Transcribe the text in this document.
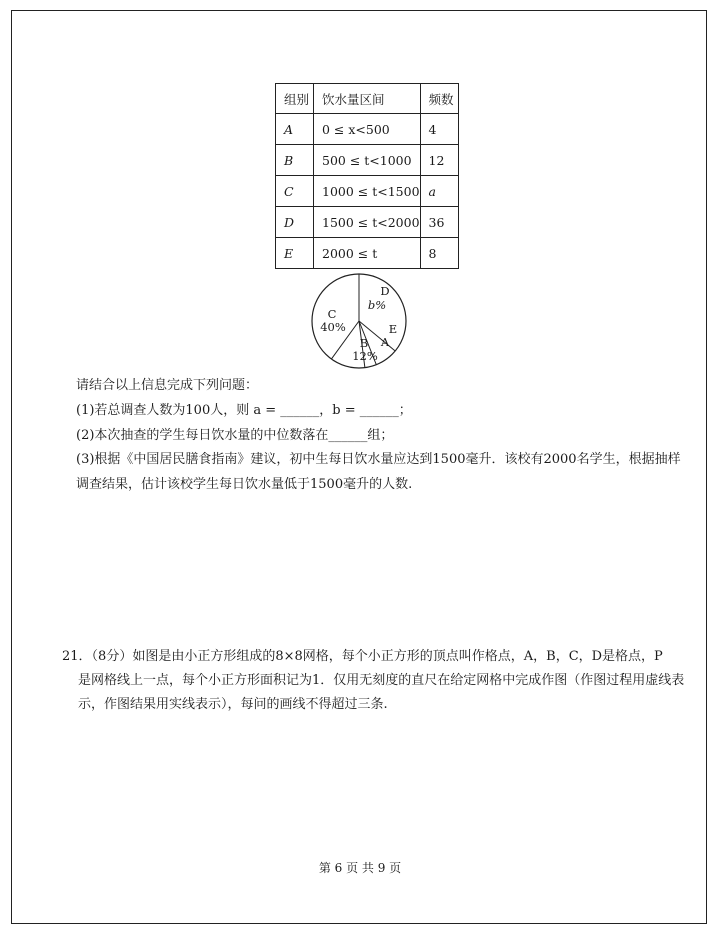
组别	饮水量区间	频数
A	0 ≤ x<500	4
B	500 ≤ t<1000	12
C	1000 ≤ t<1500	a
D	1500 ≤ t<2000	36
E	2000 ≤ t	8
D
b%
C
40%	E
A
B
12%
请结合以上信息完成下列问题：
(1)若总调查人数为100人，则 a = ______，b = ______；
(2)本次抽查的学生每日饮水量的中位数落在______组；
(3)根据《中国居民膳食指南》建议，初中生每日饮水量应达到1500毫升．该校有2000名学生，根据抽样
调查结果，估计该校学生每日饮水量低于1500毫升的人数.
21．（8分）如图是由小正方形组成的8×8网格，每个小正方形的顶点叫作格点，A，B，C，D是格点，P
是网格线上一点，每个小正方形面积记为1．仅用无刻度的直尺在给定网格中完成作图（作图过程用虚线表
示，作图结果用实线表示），每问的画线不得超过三条.
第 6 页 共 9 页
